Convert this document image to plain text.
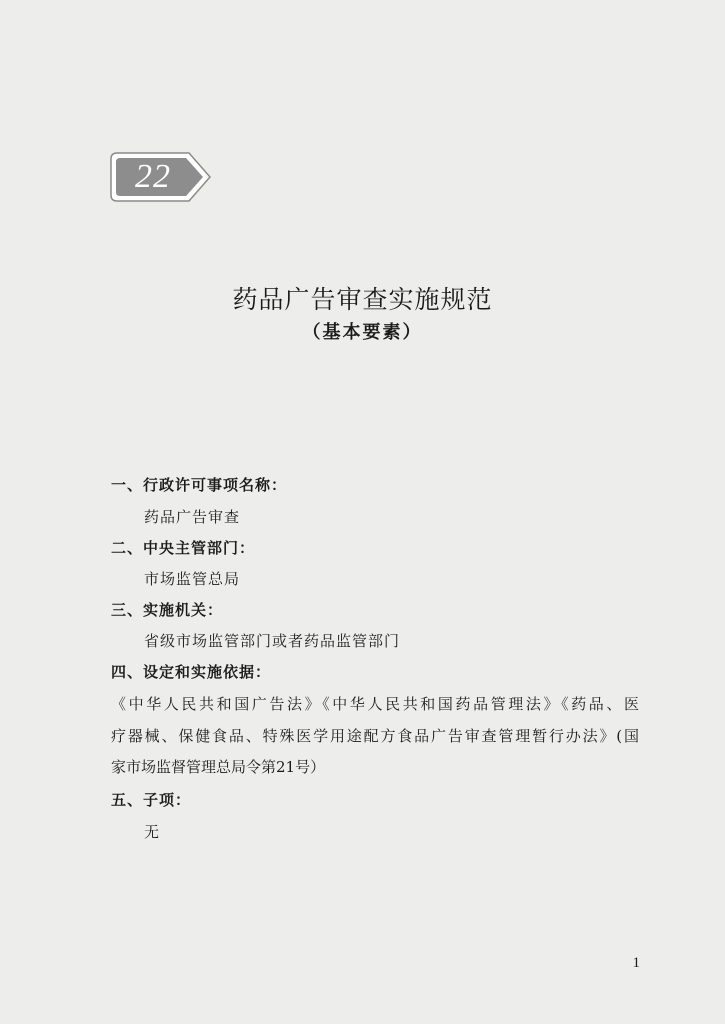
22
药品广告审查实施规范
（基本要素）
一、行政许可事项名称：
药品广告审查
二、中央主管部门：
市场监管总局
三、实施机关：
省级市场监管部门或者药品监管部门
四、设定和实施依据：
《中华人民共和国广告法》《中华人民共和国药品管理法》《药品、医
疗器械、保健食品、特殊医学用途配方食品广告审查管理暂行办法》(国
家市场监督管理总局令第21号）
五、子项：
无
1
